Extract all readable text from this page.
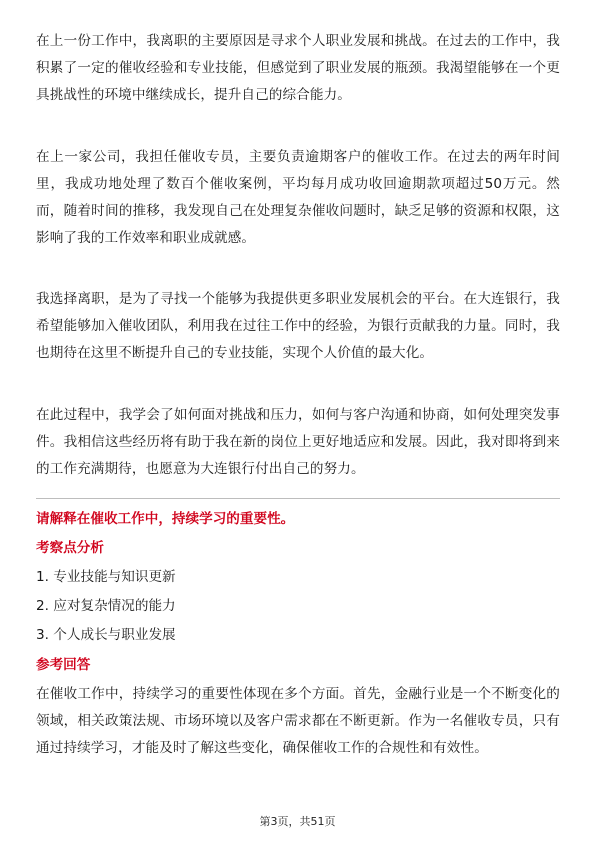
在上一份工作中，我离职的主要原因是寻求个人职业发展和挑战。在过去的工作中，我积累了一定的催收经验和专业技能，但感觉到了职业发展的瓶颈。我渴望能够在一个更具挑战性的环境中继续成长，提升自己的综合能力。

在上一家公司，我担任催收专员，主要负责逾期客户的催收工作。在过去的两年时间里，我成功地处理了数百个催收案例，平均每月成功收回逾期款项超过50万元。然而，随着时间的推移，我发现自己在处理复杂催收问题时，缺乏足够的资源和权限，这影响了我的工作效率和职业成就感。

我选择离职，是为了寻找一个能够为我提供更多职业发展机会的平台。在大连银行，我希望能够加入催收团队，利用我在过往工作中的经验，为银行贡献我的力量。同时，我也期待在这里不断提升自己的专业技能，实现个人价值的最大化。

在此过程中，我学会了如何面对挑战和压力，如何与客户沟通和协商，如何处理突发事件。我相信这些经历将有助于我在新的岗位上更好地适应和发展。因此，我对即将到来的工作充满期待，也愿意为大连银行付出自己的努力。

请解释在催收工作中，持续学习的重要性。

考察点分析

1. 专业技能与知识更新
2. 应对复杂情况的能力
3. 个人成长与职业发展

参考回答

在催收工作中，持续学习的重要性体现在多个方面。首先，金融行业是一个不断变化的领域，相关政策法规、市场环境以及客户需求都在不断更新。作为一名催收专员，只有通过持续学习，才能及时了解这些变化，确保催收工作的合规性和有效性。

第3页，共51页
